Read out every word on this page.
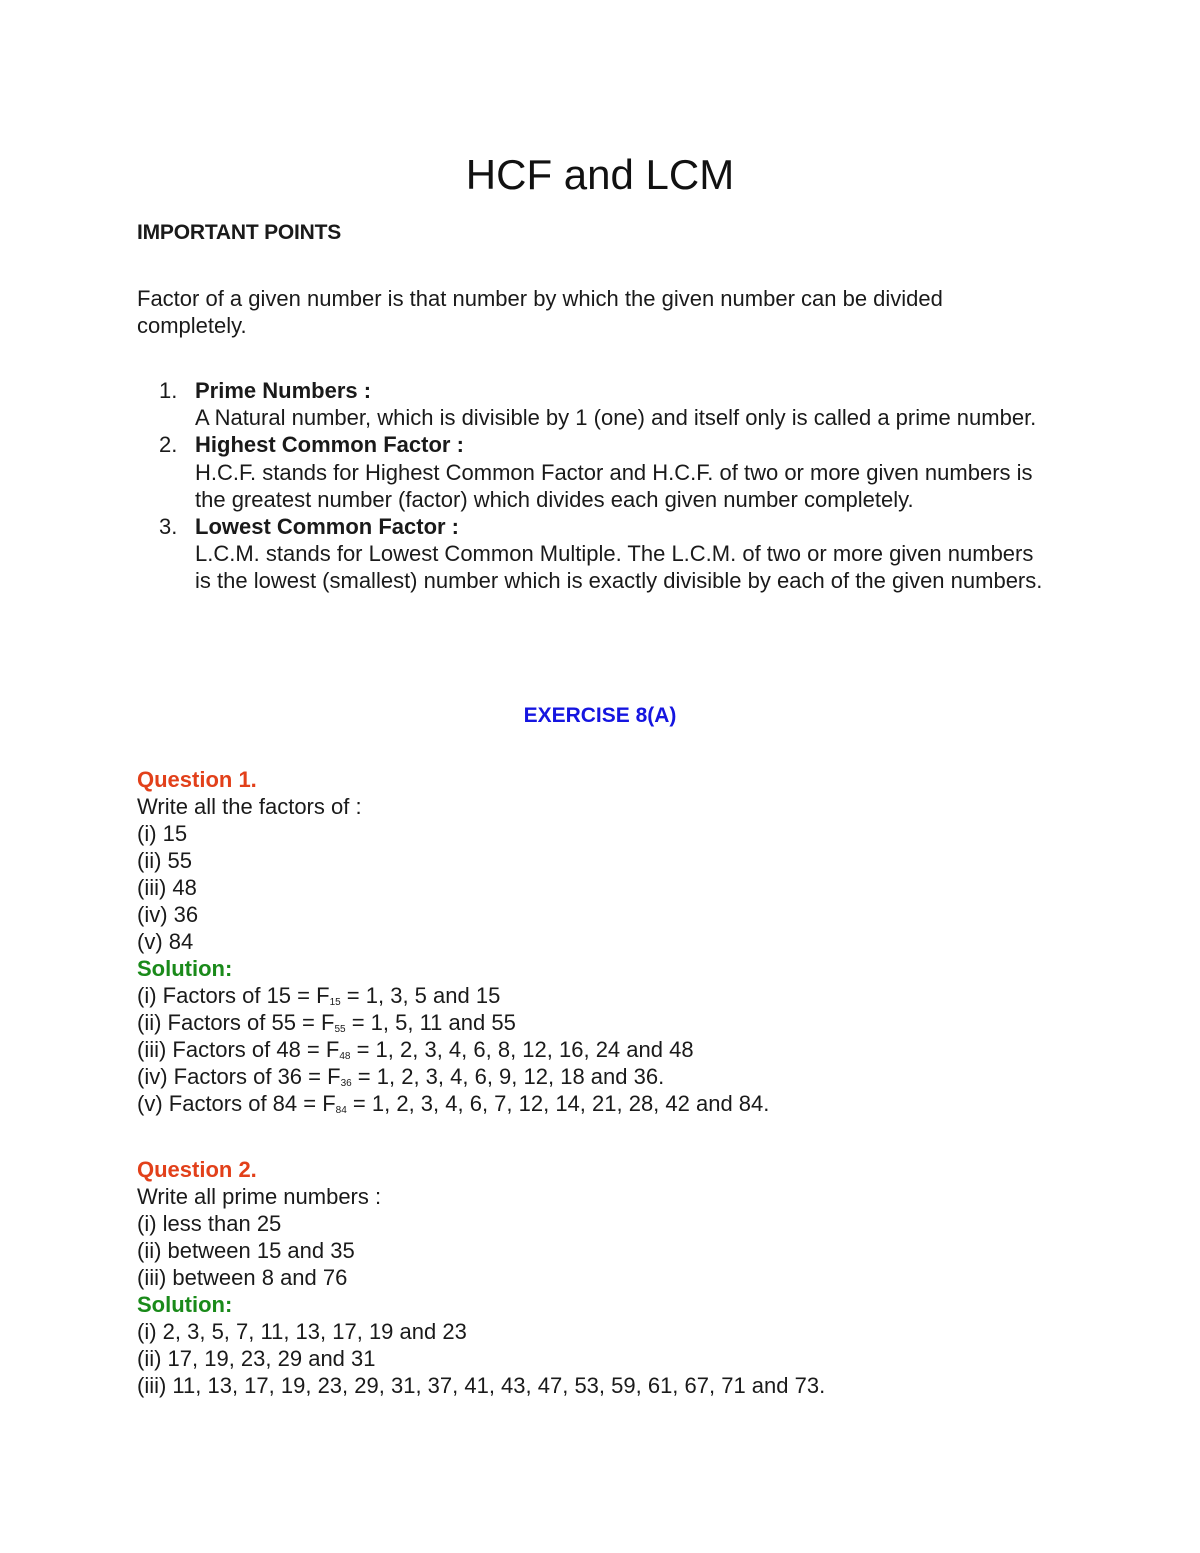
HCF and LCM
IMPORTANT POINTS
Factor of a given number is that number by which the given number can be divided completely.
1. Prime Numbers :
A Natural number, which is divisible by 1 (one) and itself only is called a prime number.
2. Highest Common Factor :
H.C.F. stands for Highest Common Factor and H.C.F. of two or more given numbers is the greatest number (factor) which divides each given number completely.
3. Lowest Common Factor :
L.C.M. stands for Lowest Common Multiple. The L.C.M. of two or more given numbers is the lowest (smallest) number which is exactly divisible by each of the given numbers.
EXERCISE 8(A)
Question 1.
Write all the factors of :
(i) 15
(ii) 55
(iii) 48
(iv) 36
(v) 84
Solution:
(i) Factors of $15 = F_{15} = 1$, 3, 5 and 15
(ii) Factors of $55 = F_{55} = 1$, 5, 11 and 55
(iii) Factors of $48 = F_{48} = 1$, 2, 3, 4, 6, 8, 12, 16, 24 and 48
(iv) Factors of $36 = F_{36} = 1$, 2, 3, 4, 6, 9, 12, 18 and 36.
(v) Factors of $84 = F_{84} = 1$, 2, 3, 4, 6, 7, 12, 14, 21, 28, 42 and 84.
Question 2.
Write all prime numbers :
(i) less than 25
(ii) between 15 and 35
(iii) between 8 and 76
Solution:
(i) 2, 3, 5, 7, 11, 13, 17, 19 and 23
(ii) 17, 19, 23, 29 and 31
(iii) 11, 13, 17, 19, 23, 29, 31, 37, 41, 43, 47, 53, 59, 61, 67, 71 and 73.
